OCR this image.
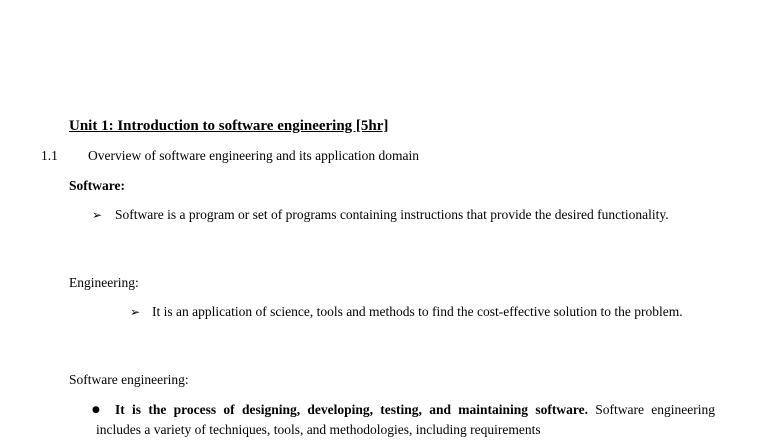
Unit 1: Introduction to software engineering [5hr]
1.1 Overview of software engineering and its application domain
Software:
➢ Software is a program or set of programs containing instructions that provide the desired functionality.
Engineering:
➢ It is an application of science, tools and methods to find the cost-effective solution to the problem.
Software engineering:
●	It is the process of designing, developing, testing, and maintaining software. Software engineering includes a variety of techniques, tools, and methodologies, including requirements
